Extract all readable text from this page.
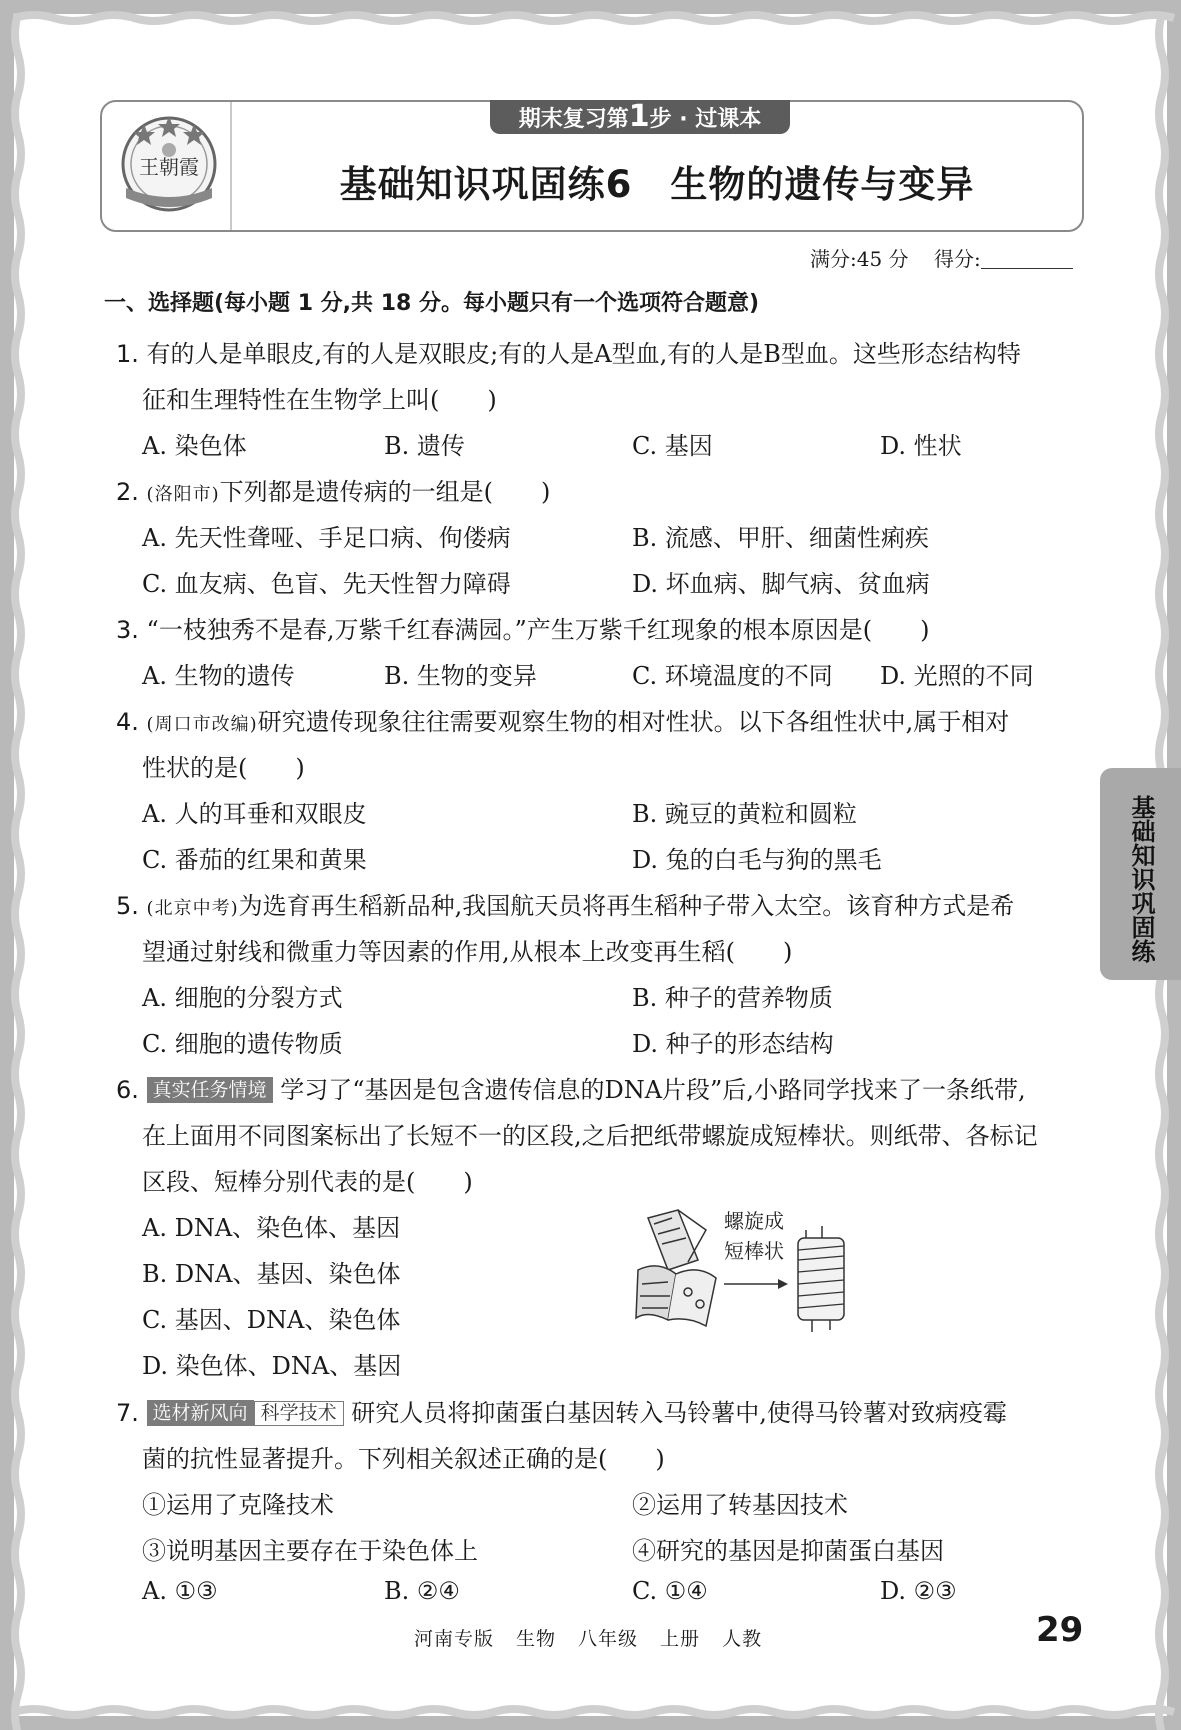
王朝霞
期末复习第1步 · 过课本
基础知识巩固练6　生物的遗传与变异
满分:45 分 得分:
一、选择题(每小题 1 分,共 18 分。每小题只有一个选项符合题意)
1. 有的人是单眼皮,有的人是双眼皮;有的人是A型血,有的人是B型血。这些形态结构特
征和生理特性在生物学上叫(　　)
A. 染色体	B. 遗传	C. 基因	D. 性状
2. (洛阳市)下列都是遗传病的一组是(　　)
A. 先天性聋哑、手足口病、佝偻病	B. 流感、甲肝、细菌性痢疾
C. 血友病、色盲、先天性智力障碍	D. 坏血病、脚气病、贫血病
3. “一枝独秀不是春,万紫千红春满园。”产生万紫千红现象的根本原因是(　　)
A. 生物的遗传	B. 生物的变异	C. 环境温度的不同 D. 光照的不同
4. (周口市改编)研究遗传现象往往需要观察生物的相对性状。以下各组性状中,属于相对
性状的是(　　)
A. 人的耳垂和双眼皮	B. 豌豆的黄粒和圆粒
C. 番茄的红果和黄果	D. 兔的白毛与狗的黑毛
5. (北京中考)为选育再生稻新品种,我国航天员将再生稻种子带入太空。该育种方式是希
望通过射线和微重力等因素的作用,从根本上改变再生稻(　　)
A. 细胞的分裂方式	B. 种子的营养物质
C. 细胞的遗传物质	D. 种子的形态结构
6. 真实任务情境 学习了“基因是包含遗传信息的DNA片段”后,小路同学找来了一条纸带,
在上面用不同图案标出了长短不一的区段,之后把纸带螺旋成短棒状。则纸带、各标记
区段、短棒分别代表的是(　　)
A. DNA、染色体、基因
B. DNA、基因、染色体
C. 基因、DNA、染色体
D. 染色体、DNA、基因
螺旋成
短棒状
7. 选材新风向 科学技术 研究人员将抑菌蛋白基因转入马铃薯中,使得马铃薯对致病疫霉
菌的抗性显著提升。下列相关叙述正确的是(　　)
①运用了克隆技术	②运用了转基因技术
③说明基因主要存在于染色体上	④研究的基因是抑菌蛋白基因
A. ①③	B. ②④	C. ①④	D. ②③
基础知识巩固练
河南专版 生物 八年级 上册 人教	29
